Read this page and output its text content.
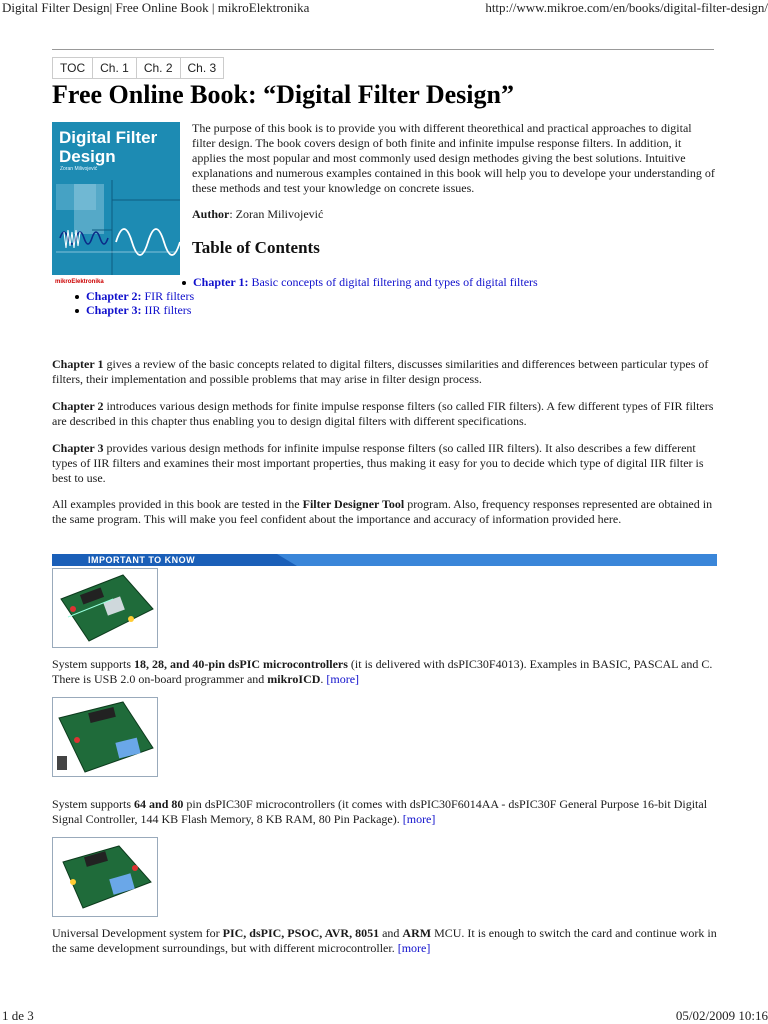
Digital Filter Design| Free Online Book | mikroElektronika	http://www.mikroe.com/en/books/digital-filter-design/
TOC	Ch. 1	Ch. 2	Ch. 3
Free Online Book: “Digital Filter Design”
Digital Filter
Design
Zoran Milivojević
mikroElektronika

The purpose of this book is to provide you with different theorethical and practical approaches to digital filter design. The book covers design of both finite and infinite impulse response filters. In addition, it applies the most popular and most commonly used design methodes giving the best solutions. Intuitive explanations and numerous examples contained in this book will help you to develope your understanding of these methods and test your knowledge on concrete issues.

Author: Zoran Milivojević

Table of Contents
Chapter 1: Basic concepts of digital filtering and types of digital filters
Chapter 2: FIR filters
Chapter 3: IIR filters

Chapter 1 gives a review of the basic concepts related to digital filters, discusses similarities and differences between particular types of filters, their implementation and possible problems that may arise in filter design process.

Chapter 2 introduces various design methods for finite impulse response filters (so called FIR filters). A few different types of FIR filters are described in this chapter thus enabling you to design digital filters with different specifications.

Chapter 3 provides various design methods for infinite impulse response filters (so called IIR filters). It also describes a few different types of IIR filters and examines their most important properties, thus making it easy for you to decide which type of digital IIR filter is best to use.

All examples provided in this book are tested in the Filter Designer Tool program. Also, frequency responses represented are obtained in the same program. This will make you feel confident about the importance and accuracy of information provided here.

IMPORTANT TO KNOW

System supports 18, 28, and 40-pin dsPIC microcontrollers (it is delivered with dsPIC30F4013). Examples in BASIC, PASCAL and C. There is USB 2.0 on-board programmer and mikroICD. [more]

System supports 64 and 80 pin dsPIC30F microcontrollers (it comes with dsPIC30F6014AA - dsPIC30F General Purpose 16-bit Digital Signal Controller, 144 KB Flash Memory, 8 KB RAM, 80 Pin Package). [more]

Universal Development system for PIC, dsPIC, PSOC, AVR, 8051 and ARM MCU. It is enough to switch the card and continue work in the same development surroundings, but with different microcontroller. [more]

1 de 3	05/02/2009 10:16
